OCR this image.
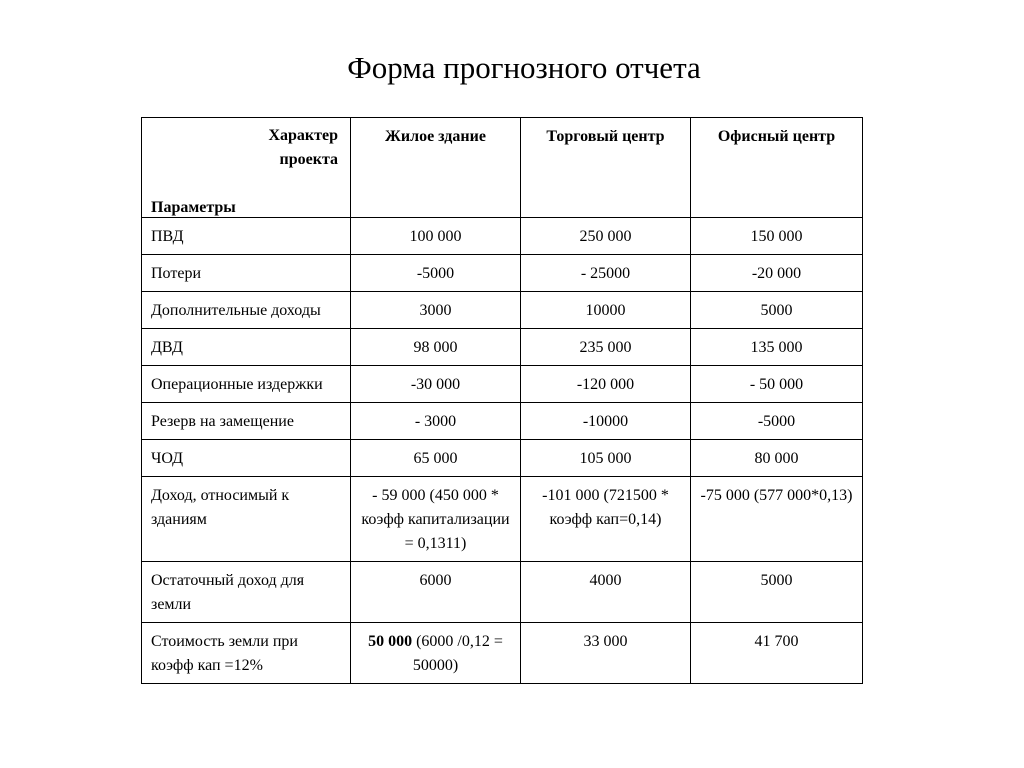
Форма прогнозного отчета
Характер
проекта
Параметры	Жилое здание	Торговый центр	Офисный центр
ПВД	100 000	250 000	150 000
Потери	-5000	- 25000	-20 000
Дополнительные доходы	3000	10000	5000
ДВД	98 000	235 000	135 000
Операционные издержки	-30 000	-120 000	- 50 000
Резерв на замещение	- 3000	-10000	-5000
ЧОД	65 000	105 000	80 000
Доход, относимый к зданиям	- 59 000 (450 000 * коэфф капитализации = 0,1311)	-101 000 (721500 * коэфф кап=0,14)	-75 000 (577 000*0,13)
Остаточный доход для земли	6000	4000	5000
Стоимость земли при коэфф кап =12%	50 000 (6000 /0,12 = 50000)	33 000	41 700
